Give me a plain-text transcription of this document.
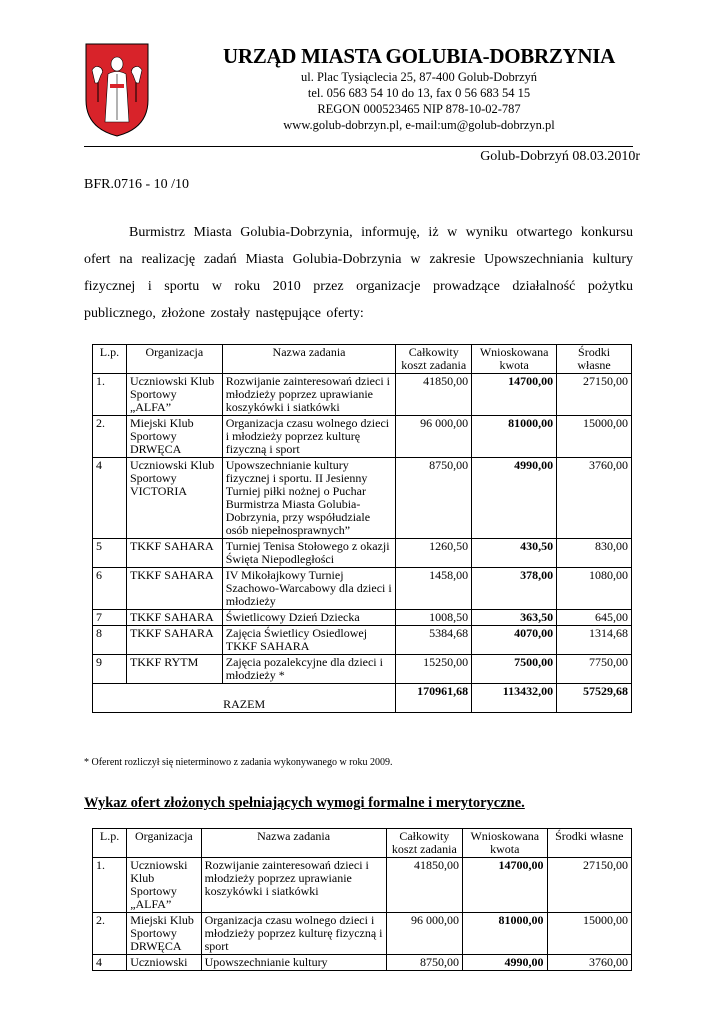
URZĄD MIASTA GOLUBIA-DOBRZYNIA
ul. Plac Tysiąclecia 25, 87-400 Golub-Dobrzyń
tel. 056 683 54 10 do 13, fax 0 56 683 54 15
REGON 000523465 NIP 878-10-02-787
www.golub-dobrzyn.pl, e-mail:um@golub-dobrzyn.pl
Golub-Dobrzyń 08.03.2010r
BFR.0716 - 10 /10
Burmistrz Miasta Golubia-Dobrzynia, informuję, iż w wyniku otwartego konkursu ofert na realizację zadań Miasta Golubia-Dobrzynia w zakresie Upowszechniania kultury fizycznej i sportu w roku 2010 przez organizacje prowadzące działalność pożytku publicznego, złożone zostały następujące oferty:
L.p.	Organizacja	Nazwa zadania	Całkowity koszt zadania	Wnioskowana kwota	Środki własne
1.	Uczniowski Klub Sportowy „ALFA”	Rozwijanie zainteresowań dzieci i młodzieży poprzez uprawianie koszykówki i siatkówki	41850,00	14700,00	27150,00
2.	Miejski Klub Sportowy DRWĘCA	Organizacja czasu wolnego dzieci i młodzieży poprzez kulturę fizyczną i sport	96 000,00	81000,00	15000,00
4	Uczniowski Klub Sportowy VICTORIA	Upowszechnianie kultury fizycznej i sportu. II Jesienny Turniej piłki nożnej o Puchar Burmistrza Miasta Golubia-Dobrzynia, przy współudziale osób niepełnosprawnych”	8750,00	4990,00	3760,00
5	TKKF SAHARA	Turniej Tenisa Stołowego z okazji Święta Niepodległości	1260,50	430,50	830,00
6	TKKF SAHARA	IV Mikołajkowy Turniej Szachowo-Warcabowy dla dzieci i młodzieży	1458,00	378,00	1080,00
7	TKKF SAHARA	Świetlicowy Dzień Dziecka	1008,50	363,50	645,00
8	TKKF SAHARA	Zajęcia Świetlicy Osiedlowej TKKF SAHARA	5384,68	4070,00	1314,68
9	TKKF RYTM	Zajęcia pozalekcyjne dla dzieci i młodzieży *	15250,00	7500,00	7750,00
RAZEM			170961,68	113432,00	57529,68
* Oferent rozliczył się nieterminowo z zadania wykonywanego w roku 2009.
Wykaz ofert złożonych spełniających wymogi formalne i merytoryczne.
L.p.	Organizacja	Nazwa zadania	Całkowity koszt zadania	Wnioskowana kwota	Środki własne
1.	Uczniowski Klub Sportowy „ALFA”	Rozwijanie zainteresowań dzieci i młodzieży poprzez uprawianie koszykówki i siatkówki	41850,00	14700,00	27150,00
2.	Miejski Klub Sportowy DRWĘCA	Organizacja czasu wolnego dzieci i młodzieży poprzez kulturę fizyczną i sport	96 000,00	81000,00	15000,00
4	Uczniowski	Upowszechnianie kultury	8750,00	4990,00	3760,00
